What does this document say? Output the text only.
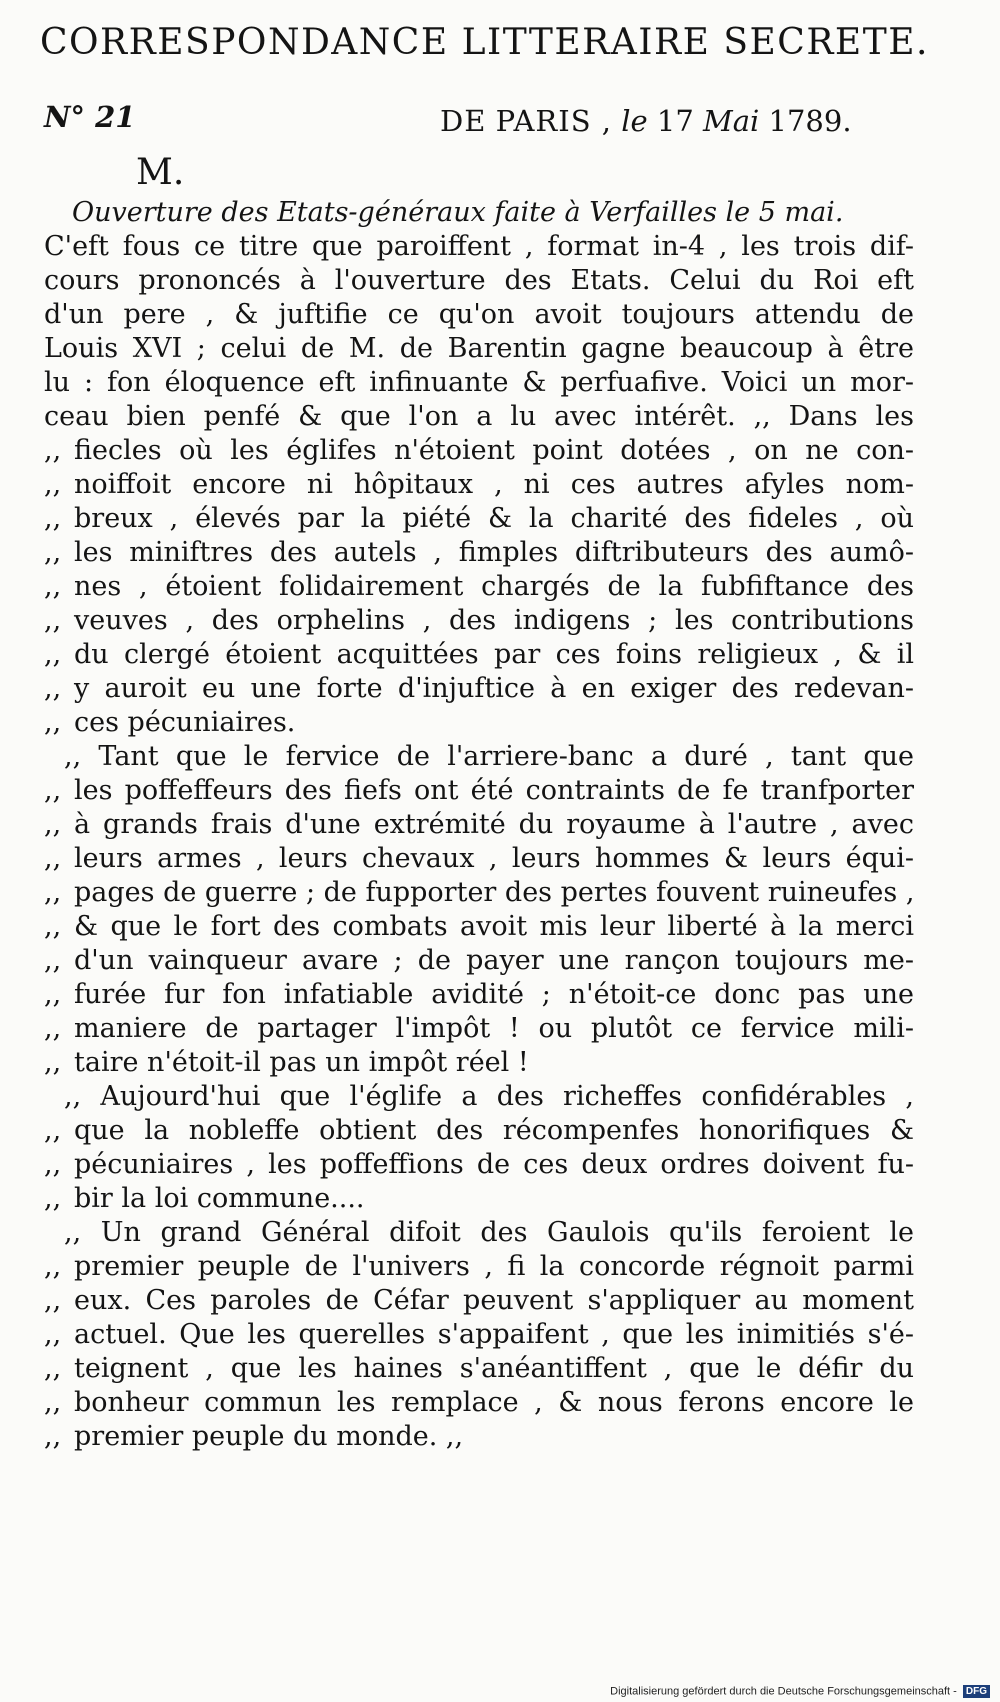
CORRESPONDANCE LITTERAIRE SECRETE.
N° 21	DE PARIS , le 17 Mai 1789.
M.
Ouverture des Etats-généraux faite à Verfailles le 5 mai.
C'eft fous ce titre que paroiffent , format in-4 , les trois dif-
cours prononcés à l'ouverture des Etats. Celui du Roi eft
d'un pere , & juftifie ce qu'on avoit toujours attendu de
Louis XVI ; celui de M. de Barentin gagne beaucoup à être
lu : fon éloquence eft infinuante & perfuafive. Voici un mor-
ceau bien penfé & que l'on a lu avec intérêt. ,, Dans les
,, fiecles où les églifes n'étoient point dotées , on ne con-
,, noiffoit encore ni hôpitaux , ni ces autres afyles nom-
,, breux , élevés par la piété & la charité des fideles , où
,, les miniftres des autels , fimples diftributeurs des aumô-
,, nes , étoient folidairement chargés de la fubfiftance des
,, veuves , des orphelins , des indigens ; les contributions
,, du clergé étoient acquittées par ces foins religieux , & il
,, y auroit eu une forte d'injuftice à en exiger des redevan-
,, ces pécuniaires.
,, Tant que le fervice de l'arriere-banc a duré , tant que
,, les poffeffeurs des fiefs ont été contraints de fe tranfporter
,, à grands frais d'une extrémité du royaume à l'autre , avec
,, leurs armes , leurs chevaux , leurs hommes & leurs équi-
,, pages de guerre ; de fupporter des pertes fouvent ruineufes ,
,, & que le fort des combats avoit mis leur liberté à la merci
,, d'un vainqueur avare ; de payer une rançon toujours me-
,, furée fur fon infatiable avidité ; n'étoit-ce donc pas une
,, maniere de partager l'impôt ! ou plutôt ce fervice mili-
,, taire n'étoit-il pas un impôt réel !
,, Aujourd'hui que l'églife a des richeffes confidérables ,
,, que la nobleffe obtient des récompenfes honorifiques &
,, pécuniaires , les poffeffions de ces deux ordres doivent fu-
,, bir la loi commune....
,, Un grand Général difoit des Gaulois qu'ils feroient le
,, premier peuple de l'univers , fi la concorde régnoit parmi
,, eux. Ces paroles de Céfar peuvent s'appliquer au moment
,, actuel. Que les querelles s'appaifent , que les inimitiés s'é-
,, teignent , que les haines s'anéantiffent , que le défir du
,, bonheur commun les remplace , & nous ferons encore le
,, premier peuple du monde. ,,
Digitalisierung gefördert durch die Deutsche Forschungsgemeinschaft - DFG
